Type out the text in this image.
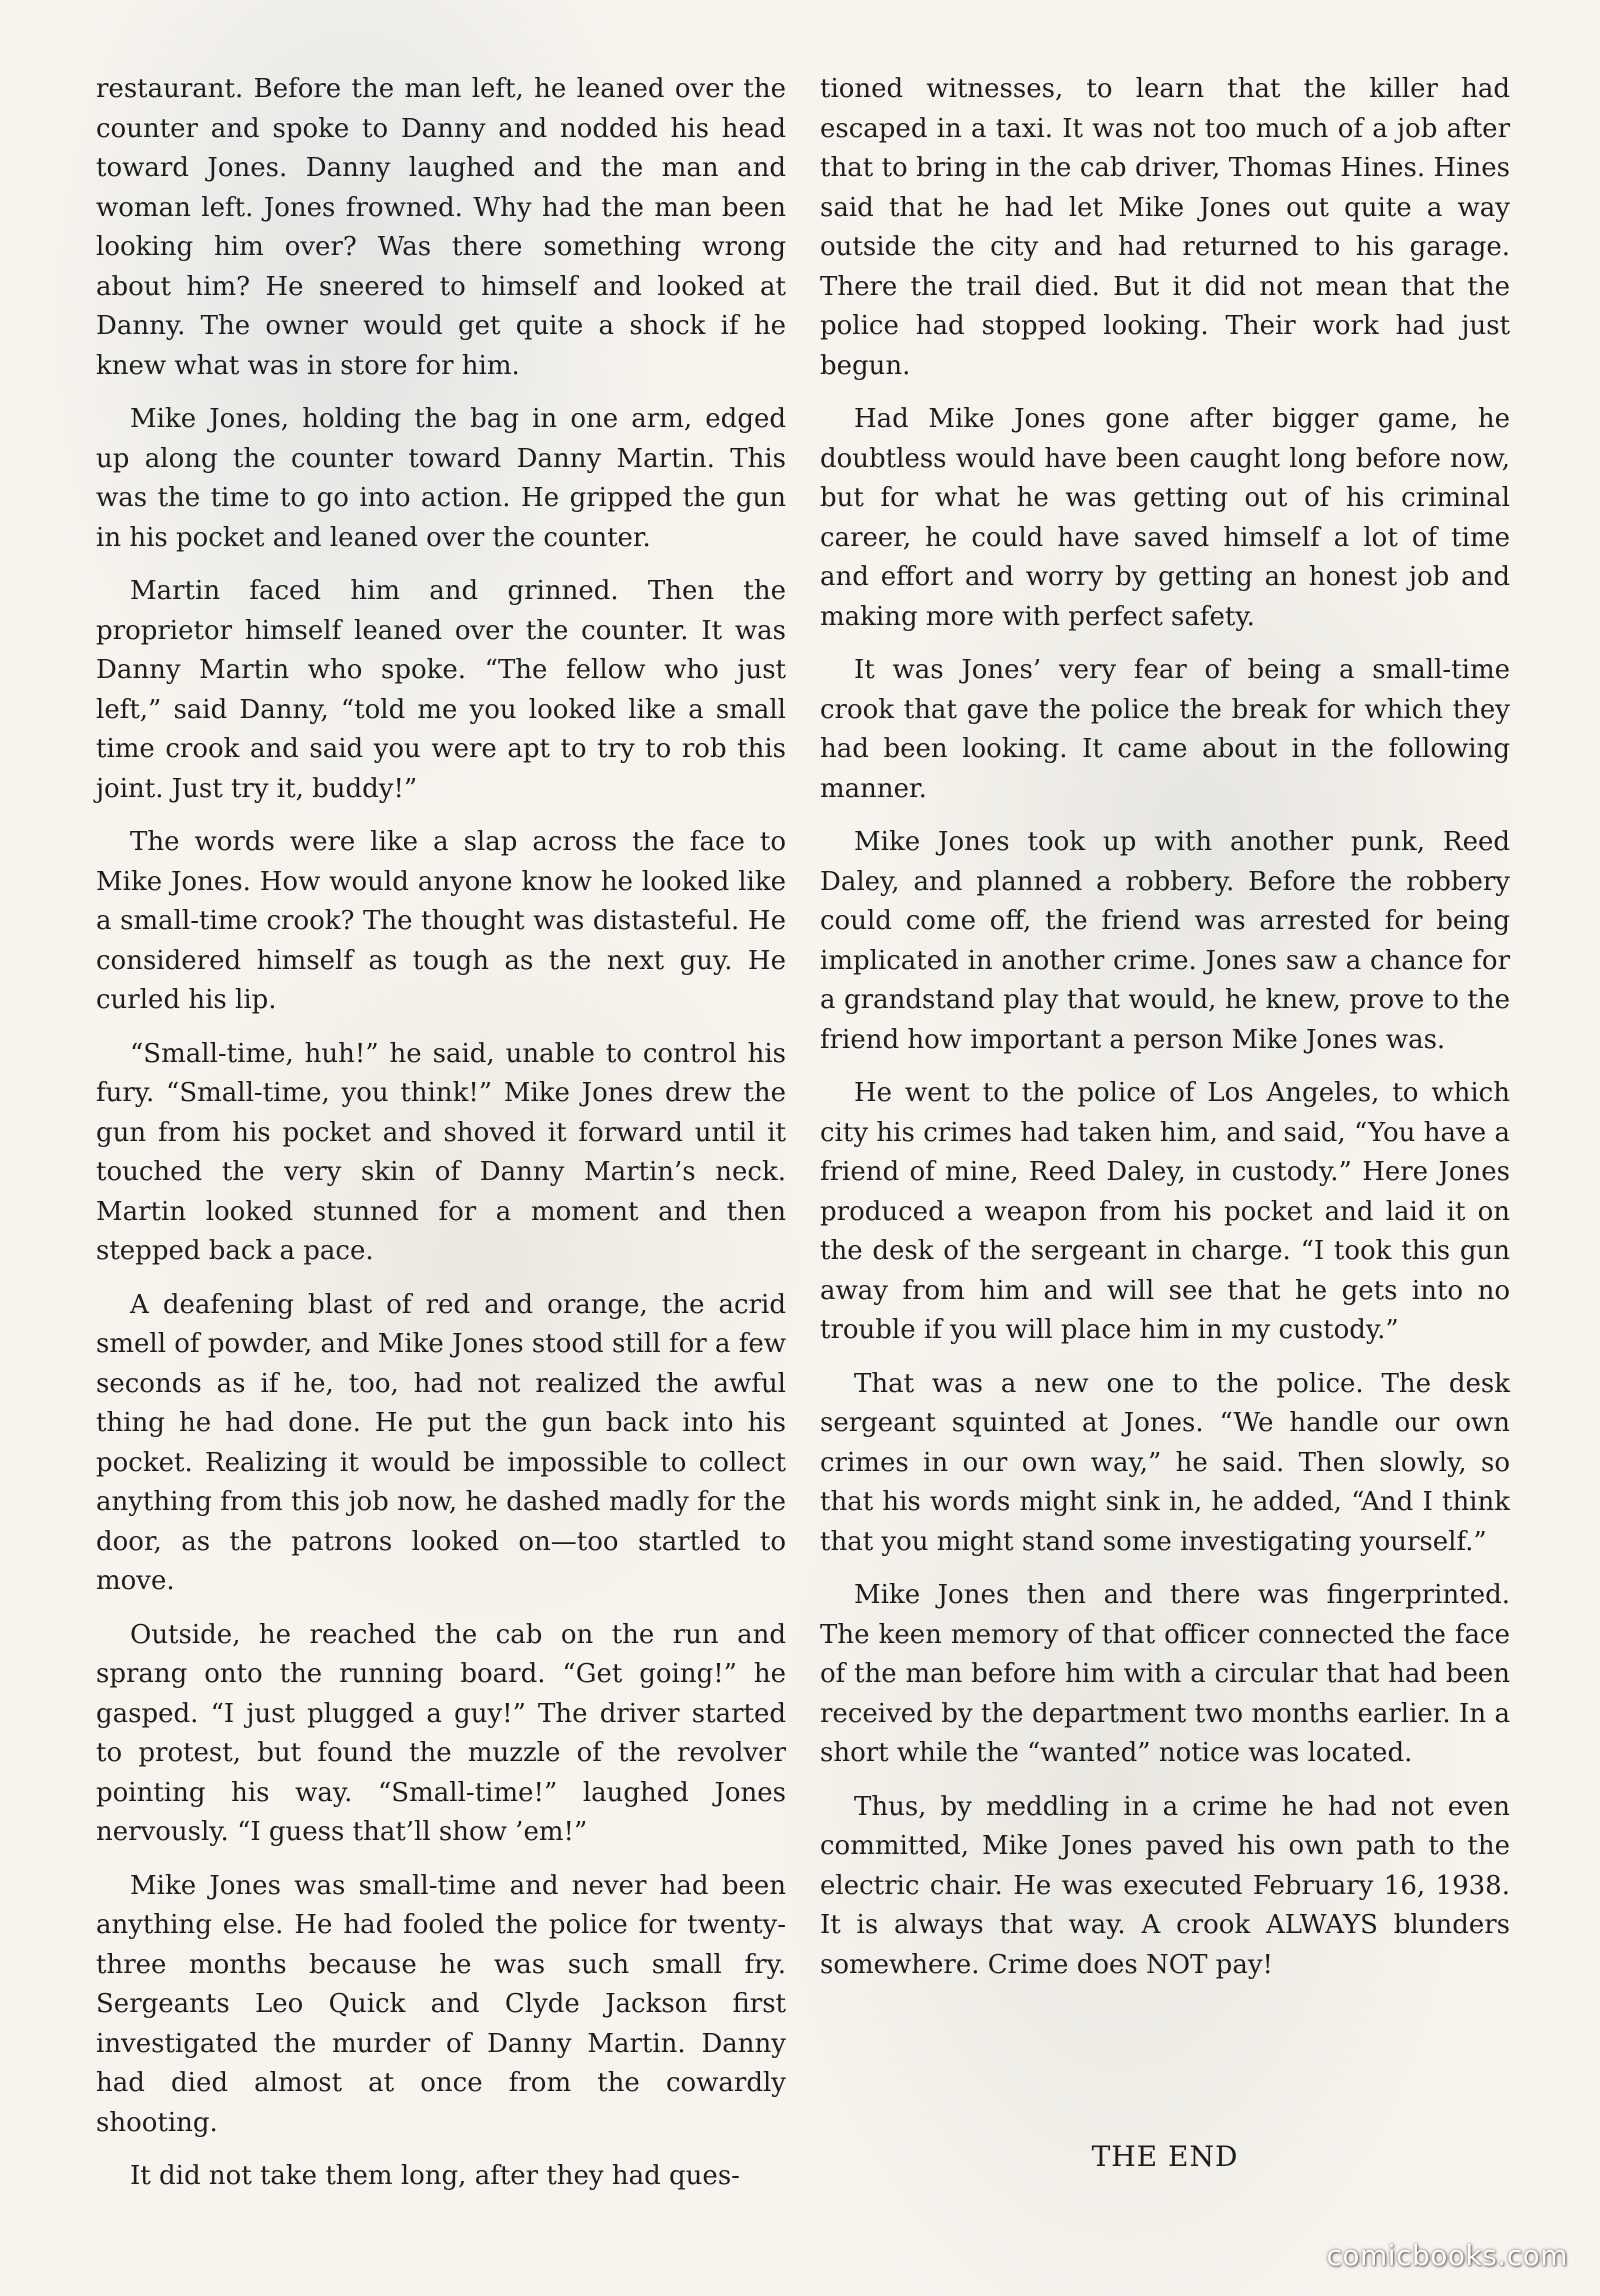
restaurant. Before the man left, he leaned over the counter and spoke to Danny and nodded his head toward Jones. Danny laughed and the man and woman left. Jones frowned. Why had the man been looking him over? Was there something wrong about him? He sneered to himself and looked at Danny. The owner would get quite a shock if he knew what was in store for him.

Mike Jones, holding the bag in one arm, edged up along the counter toward Danny Martin. This was the time to go into action. He gripped the gun in his pocket and leaned over the counter.

Martin faced him and grinned. Then the proprietor himself leaned over the counter. It was Danny Martin who spoke. “The fellow who just left,” said Danny, “told me you looked like a small time crook and said you were apt to try to rob this joint. Just try it, buddy!”

The words were like a slap across the face to Mike Jones. How would anyone know he looked like a small-time crook? The thought was distasteful. He considered himself as tough as the next guy. He curled his lip.

“Small-time, huh!” he said, unable to control his fury. “Small-time, you think!” Mike Jones drew the gun from his pocket and shoved it forward until it touched the very skin of Danny Martin’s neck. Martin looked stunned for a moment and then stepped back a pace.

A deafening blast of red and orange, the acrid smell of powder, and Mike Jones stood still for a few seconds as if he, too, had not realized the awful thing he had done. He put the gun back into his pocket. Realizing it would be impossible to collect anything from this job now, he dashed madly for the door, as the patrons looked on—too startled to move.

Outside, he reached the cab on the run and sprang onto the running board. “Get going!” he gasped. “I just plugged a guy!” The driver started to protest, but found the muzzle of the revolver pointing his way. “Small-time!” laughed Jones nervously. “I guess that’ll show ’em!”

Mike Jones was small-time and never had been anything else. He had fooled the police for twenty-three months because he was such small fry. Sergeants Leo Quick and Clyde Jackson first investigated the murder of Danny Martin. Danny had died almost at once from the cowardly shooting.

It did not take them long, after they had ques-

tioned witnesses, to learn that the killer had escaped in a taxi. It was not too much of a job after that to bring in the cab driver, Thomas Hines. Hines said that he had let Mike Jones out quite a way outside the city and had returned to his garage. There the trail died. But it did not mean that the police had stopped looking. Their work had just begun.

Had Mike Jones gone after bigger game, he doubtless would have been caught long before now, but for what he was getting out of his criminal career, he could have saved himself a lot of time and effort and worry by getting an honest job and making more with perfect safety.

It was Jones’ very fear of being a small-time crook that gave the police the break for which they had been looking. It came about in the following manner.

Mike Jones took up with another punk, Reed Daley, and planned a robbery. Before the robbery could come off, the friend was arrested for being implicated in another crime. Jones saw a chance for a grandstand play that would, he knew, prove to the friend how important a person Mike Jones was.

He went to the police of Los Angeles, to which city his crimes had taken him, and said, “You have a friend of mine, Reed Daley, in custody.” Here Jones produced a weapon from his pocket and laid it on the desk of the sergeant in charge. “I took this gun away from him and will see that he gets into no trouble if you will place him in my custody.”

That was a new one to the police. The desk sergeant squinted at Jones. “We handle our own crimes in our own way,” he said. Then slowly, so that his words might sink in, he added, “And I think that you might stand some investigating yourself.”

Mike Jones then and there was fingerprinted. The keen memory of that officer connected the face of the man before him with a circular that had been received by the department two months earlier. In a short while the “wanted” notice was located.

Thus, by meddling in a crime he had not even committed, Mike Jones paved his own path to the electric chair. He was executed February 16, 1938. It is always that way. A crook ALWAYS blunders somewhere. Crime does NOT pay!

THE END
comicbooks.com
